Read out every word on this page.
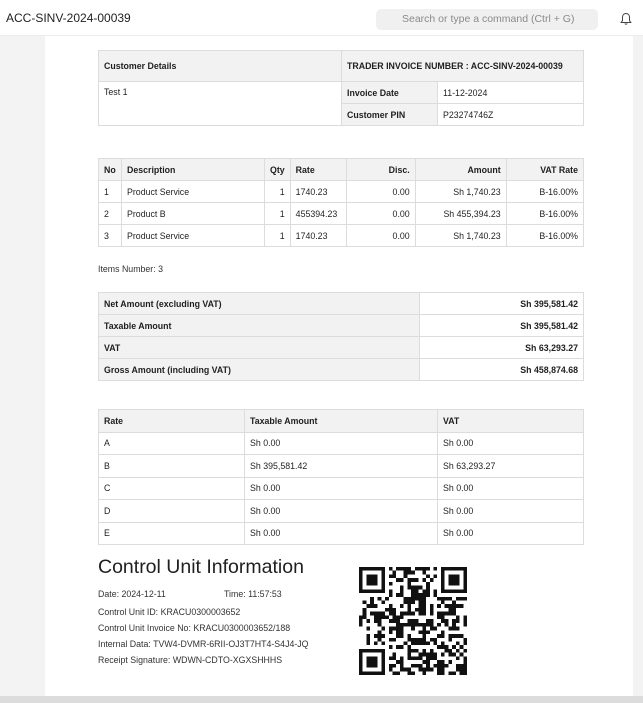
ACC-SINV-2024-00039	Search or type a command (Ctrl + G)
Customer Details	TRADER INVOICE NUMBER : ACC-SINV-2024-00039	
Test 1	Invoice Date	11-12-2024
	Customer PIN	P23274746Z
No	Description	Qty	Rate	Disc.	Amount	VAT Rate
1	Product Service	1	1740.23	0.00	Sh 1,740.23	B-16.00%
2	Product B	1	455394.23	0.00	Sh 455,394.23	B-16.00%
3	Product Service	1	1740.23	0.00	Sh 1,740.23	B-16.00%
Items Number: 3
Net Amount (excluding VAT)	Sh 395,581.42
Taxable Amount	Sh 395,581.42
VAT	Sh 63,293.27
Gross Amount (including VAT)	Sh 458,874.68
Rate	Taxable Amount	VAT
A	Sh 0.00	Sh 0.00
B	Sh 395,581.42	Sh 63,293.27
C	Sh 0.00	Sh 0.00
D	Sh 0.00	Sh 0.00
E	Sh 0.00	Sh 0.00
Control Unit Information
Date: 2024-12-11	Time: 11:57:53
Control Unit ID: KRACU0300003652
Control Unit Invoice No: KRACU0300003652/188
Internal Data: TVW4-DVMR-6RII-OJ3T7HT4-S4J4-JQ
Receipt Signature: WDWN-CDTO-XGXSHHHS
